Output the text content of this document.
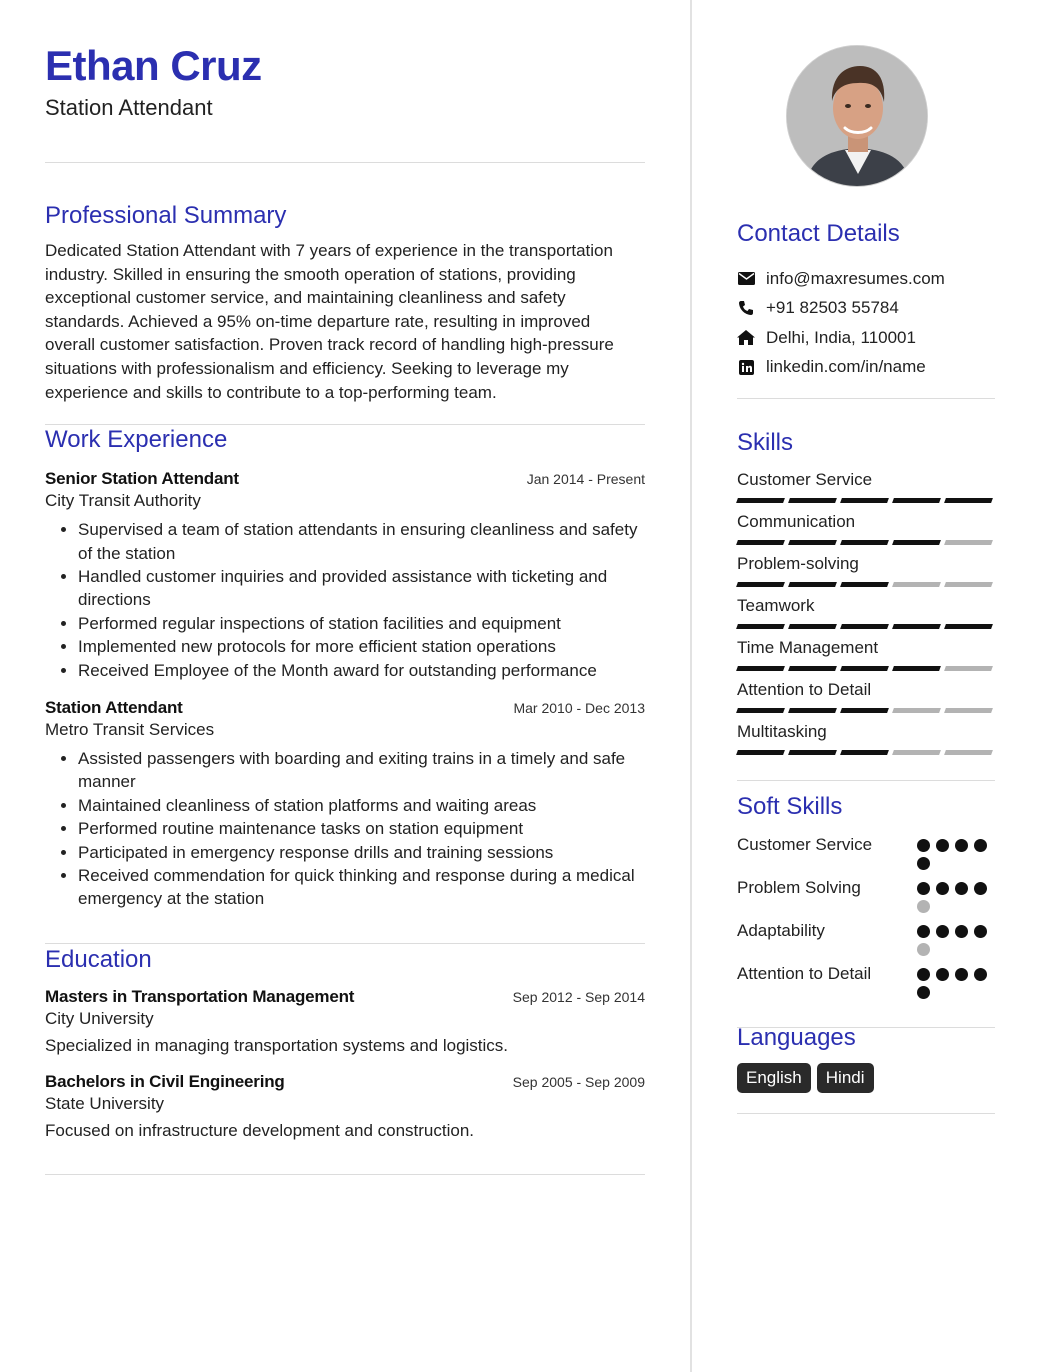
Ethan Cruz
Station Attendant
Professional Summary
Dedicated Station Attendant with 7 years of experience in the transportation industry. Skilled in ensuring the smooth operation of stations, providing exceptional customer service, and maintaining cleanliness and safety standards. Achieved a 95% on-time departure rate, resulting in improved overall customer satisfaction. Proven track record of handling high-pressure situations with professionalism and efficiency. Seeking to leverage my experience and skills to contribute to a top-performing team.
Work Experience
Senior Station Attendant	Jan 2014 - Present
City Transit Authority
• Supervised a team of station attendants in ensuring cleanliness and safety of the station
• Handled customer inquiries and provided assistance with ticketing and directions
• Performed regular inspections of station facilities and equipment
• Implemented new protocols for more efficient station operations
• Received Employee of the Month award for outstanding performance
Station Attendant	Mar 2010 - Dec 2013
Metro Transit Services
• Assisted passengers with boarding and exiting trains in a timely and safe manner
• Maintained cleanliness of station platforms and waiting areas
• Performed routine maintenance tasks on station equipment
• Participated in emergency response drills and training sessions
• Received commendation for quick thinking and response during a medical emergency at the station
Education
Masters in Transportation Management	Sep 2012 - Sep 2014
City University
Specialized in managing transportation systems and logistics.
Bachelors in Civil Engineering	Sep 2005 - Sep 2009
State University
Focused on infrastructure development and construction.
Contact Details
info@maxresumes.com
+91 82503 55784
Delhi, India, 110001
linkedin.com/in/name
Skills
Customer Service
Communication
Problem-solving
Teamwork
Time Management
Attention to Detail
Multitasking
Soft Skills
Customer Service
Problem Solving
Adaptability
Attention to Detail
Languages
English	Hindi
